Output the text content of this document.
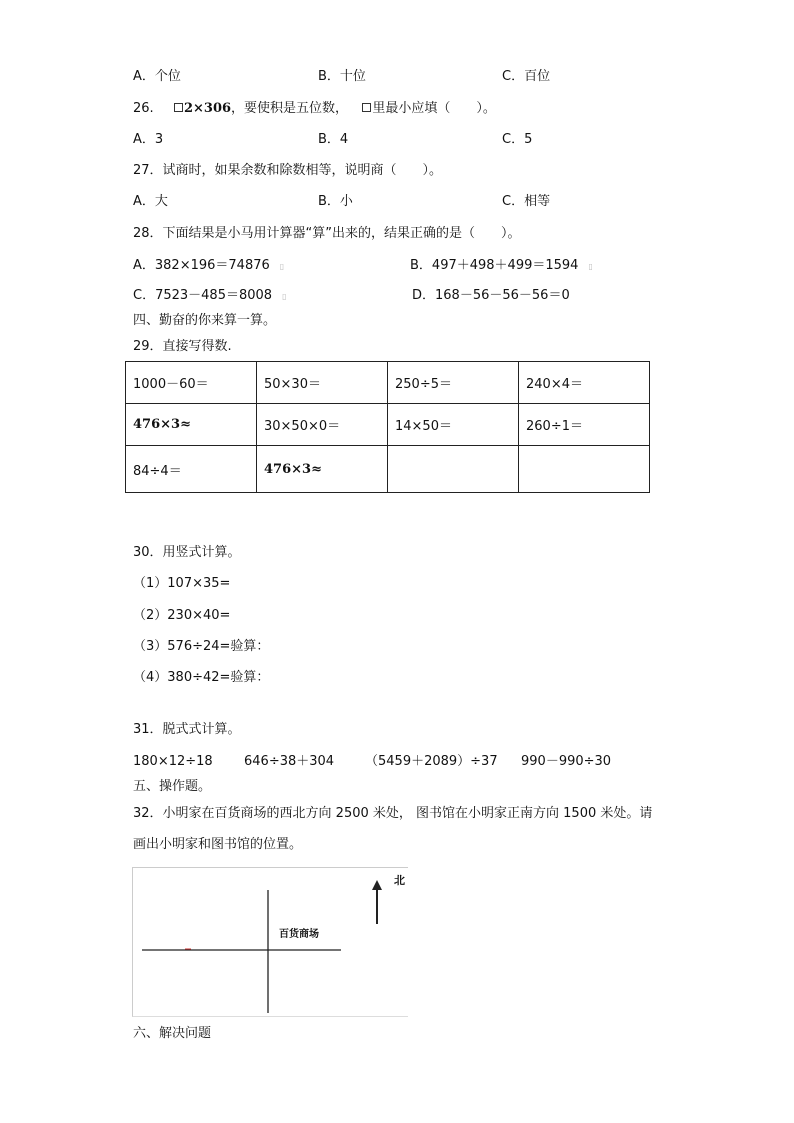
A．个位	B．十位	C．百位
26. 2×306，要使积是五位数， 里最小应填（　　）。
A．3	B．4	C．5
27．试商时，如果余数和除数相等，说明商（　　）。
A．大	B．小	C．相等
28．下面结果是小马用计算器“算”出来的，结果正确的是（　　）。
A．382×196＝74876 ▯	B．497＋498＋499＝1594 ▯
C．7523－485＝8008 ▯	D．168－56－56－56＝0
四、勤奋的你来算一算。
29．直接写得数.
1000－60＝	50×30＝	250÷5＝	240×4＝
476×3≈	30×50×0＝	14×50＝	260÷1＝
84÷4＝	476×3≈		
30．用竖式计算。
（1）107×35=
（2）230×40=
（3）576÷24=验算：
（4）380÷42=验算：
31．脱式式计算。
180×12÷18 646÷38＋304 （5459＋2089）÷37 990－990÷30
五、操作题。
32．小明家在百货商场的西北方向 2500 米处， 图书馆在小明家正南方向 1500 米处。请
画出小明家和图书馆的位置。
百货商场
北
六、解决问题
